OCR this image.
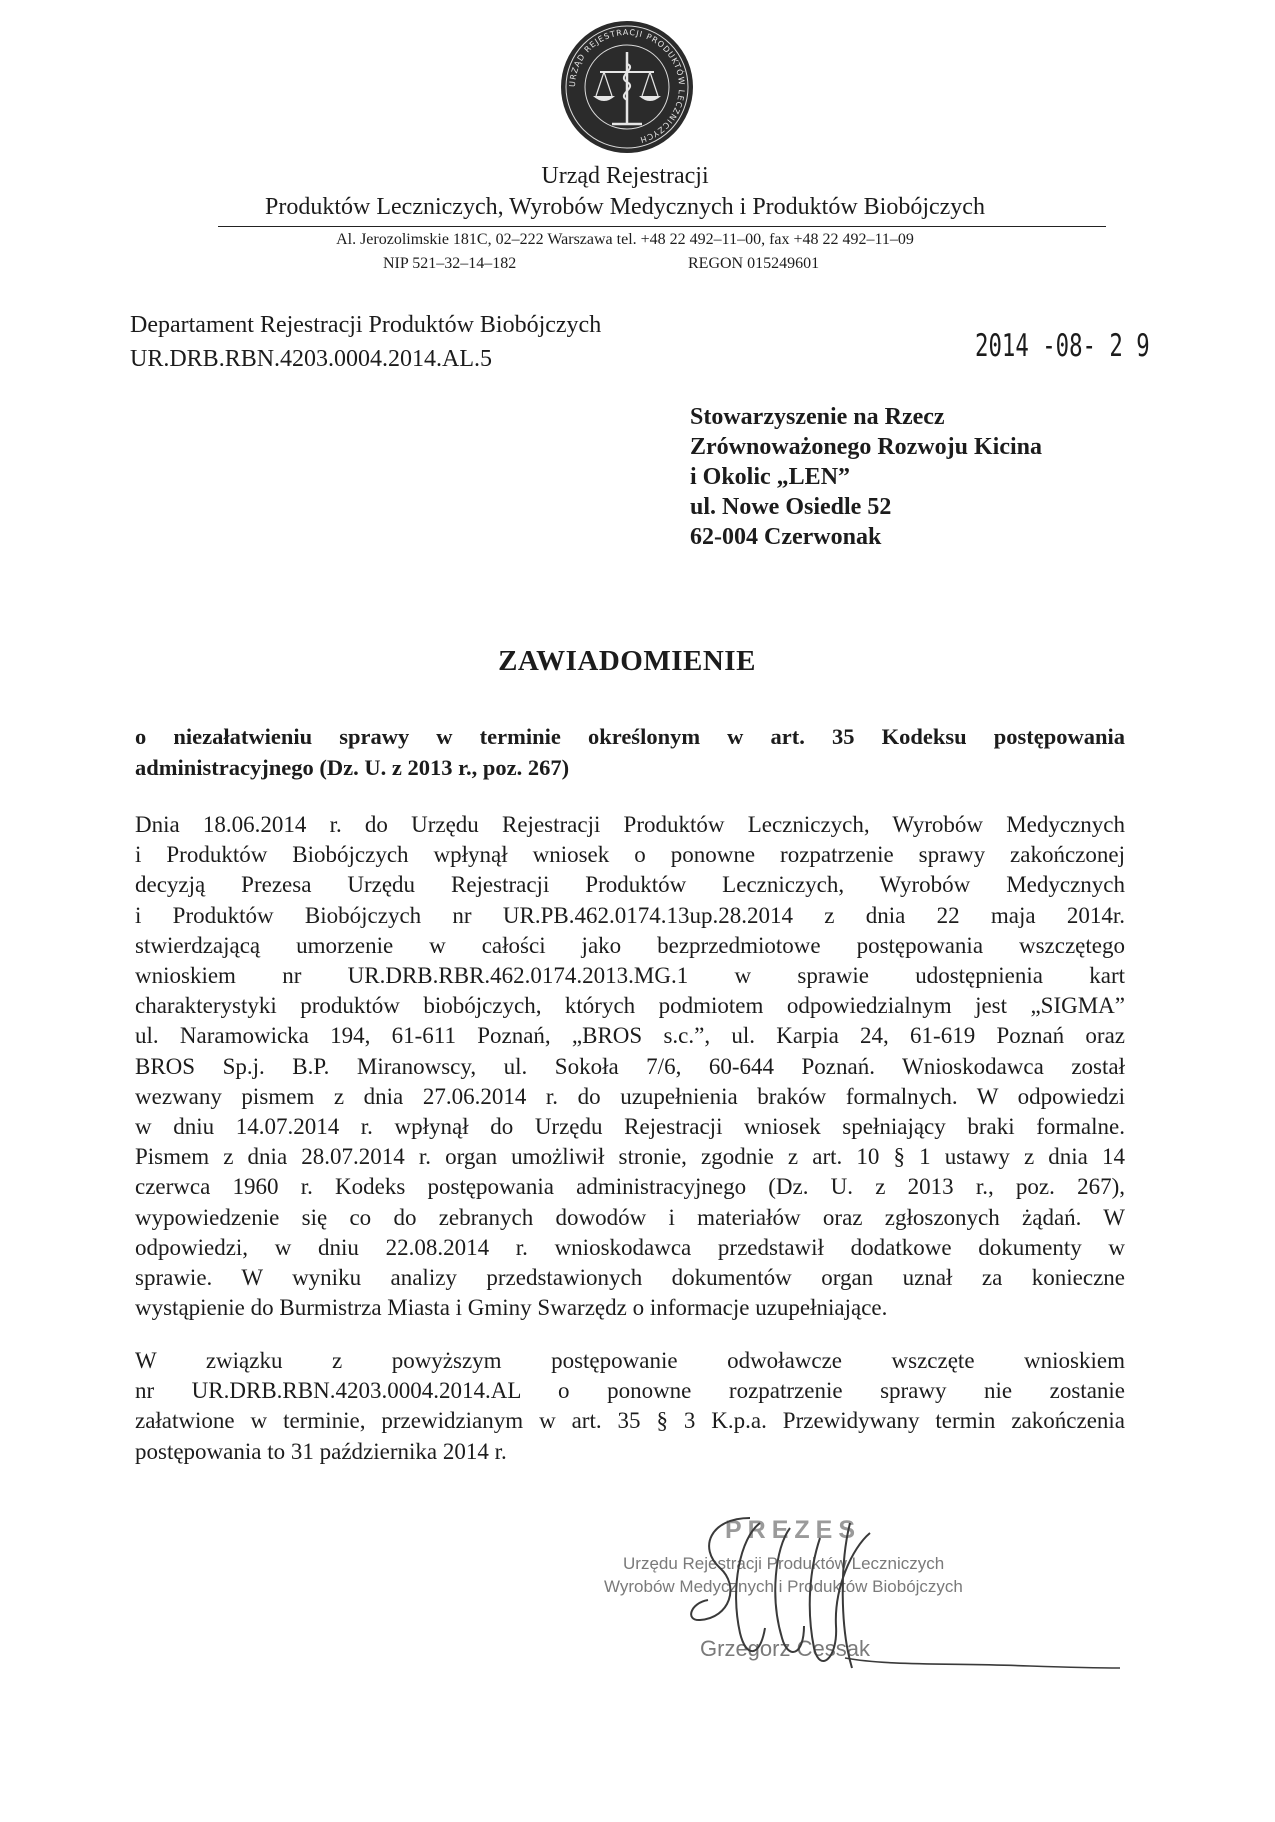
URZĄD REJESTRACJI PRODUKTÓW LECZNICZYCH
Urząd Rejestracji
Produktów Leczniczych, Wyrobów Medycznych i Produktów Biobójczych
Al. Jerozolimskie 181C, 02–222 Warszawa tel. +48 22 492–11–00, fax +48 22 492–11–09
NIP 521–32–14–182	REGON 015249601
Departament Rejestracji Produktów Biobójczych
UR.DRB.RBN.4203.0004.2014.AL.5	2014 -08- 2 9
Stowarzyszenie na Rzecz
Zrównoważonego Rozwoju Kicina
i Okolic „LEN”
ul. Nowe Osiedle 52
62-004 Czerwonak
ZAWIADOMIENIE
o niezałatwieniu sprawy w terminie określonym w art. 35 Kodeksu postępowania
administracyjnego (Dz. U. z 2013 r., poz. 267)
Dnia 18.06.2014 r. do Urzędu Rejestracji Produktów Leczniczych, Wyrobów Medycznych
i Produktów Biobójczych wpłynął wniosek o ponowne rozpatrzenie sprawy zakończonej
decyzją Prezesa Urzędu Rejestracji Produktów Leczniczych, Wyrobów Medycznych
i Produktów Biobójczych nr UR.PB.462.0174.13up.28.2014 z dnia 22 maja 2014r.
stwierdzającą umorzenie w całości jako bezprzedmiotowe postępowania wszczętego
wnioskiem nr UR.DRB.RBR.462.0174.2013.MG.1 w sprawie udostępnienia kart
charakterystyki produktów biobójczych, których podmiotem odpowiedzialnym jest „SIGMA”
ul. Naramowicka 194, 61-611 Poznań, „BROS s.c.”, ul. Karpia 24, 61-619 Poznań oraz
BROS Sp.j. B.P. Miranowscy, ul. Sokoła 7/6, 60-644 Poznań. Wnioskodawca został
wezwany pismem z dnia 27.06.2014 r. do uzupełnienia braków formalnych. W odpowiedzi
w dniu 14.07.2014 r. wpłynął do Urzędu Rejestracji wniosek spełniający braki formalne.
Pismem z dnia 28.07.2014 r. organ umożliwił stronie, zgodnie z art. 10 § 1 ustawy z dnia 14
czerwca 1960 r. Kodeks postępowania administracyjnego (Dz. U. z 2013 r., poz. 267),
wypowiedzenie się co do zebranych dowodów i materiałów oraz zgłoszonych żądań. W
odpowiedzi, w dniu 22.08.2014 r. wnioskodawca przedstawił dodatkowe dokumenty w
sprawie. W wyniku analizy przedstawionych dokumentów organ uznał za konieczne
wystąpienie do Burmistrza Miasta i Gminy Swarzędz o informacje uzupełniające.
W związku z powyższym postępowanie odwoławcze wszczęte wnioskiem
nr UR.DRB.RBN.4203.0004.2014.AL o ponowne rozpatrzenie sprawy nie zostanie
załatwione w terminie, przewidzianym w art. 35 § 3 K.p.a. Przewidywany termin zakończenia
postępowania to 31 października 2014 r.
PREZES
Urzędu Rejestracji Produktów Leczniczych
Wyrobów Medycznych i Produktów Biobójczych
Grzegorz Cessak
